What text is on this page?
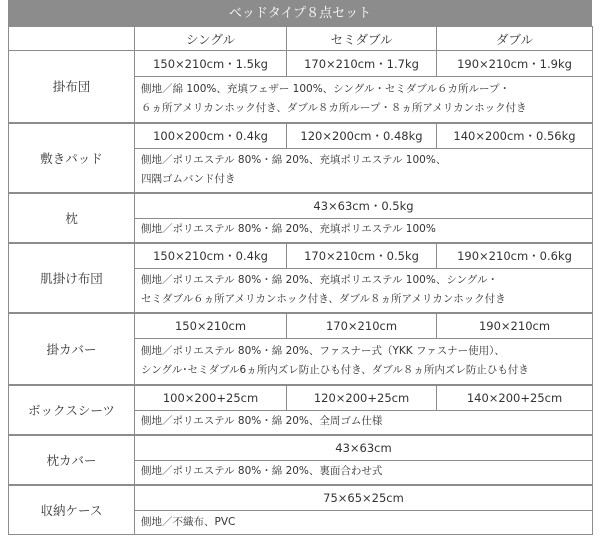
ベッドタイプ８点セット
	シングル	セミダブル	ダブル
掛布団	150×210cm・1.5kg	170×210cm・1.7kg	190×210cm・1.9kg

	側地／綿 100%、充填フェザー 100%、シングル・セミダブル６カ所ループ・
６ヵ所アメリカンホック付き、ダブル８カ所ループ・８ヵ所アメリカンホック付き		

敷きパッド	100×200cm・0.4kg	120×200cm・0.48kg	140×200cm・0.56kg

	側地／ポリエステル 80%・綿 20%、充填ポリエステル 100%、
四隅ゴムバンド付き		

枕	43×63cm・0.5kg		

	側地／ポリエステル 80%・綿 20%、充填ポリエステル 100%		

肌掛け布団	150×210cm・0.4kg	170×210cm・0.5kg	190×210cm・0.6kg

	側地／ポリエステル 80%・綿 20%、充填ポリエステル 100%、シングル・
セミダブル６ヵ所アメリカンホック付き、ダブル８ヵ所アメリカンホック付き		

掛カバー	150×210cm	170×210cm	190×210cm

	側地／ポリエステル 80%・綿 20%、ファスナー式（YKK ファスナー使用）、
シングル･セミダブル6ヵ所内ズレ防止ひも付き、ダブル８ヵ所内ズレ防止ひも付き		

ボックスシーツ	100×200+25cm	120×200+25cm	140×200+25cm

	側地／ポリエステル 80%・綿 20%、全周ゴム仕様		

枕カバー	43×63cm		

	側地／ポリエステル 80%・綿 20%、裏面合わせ式		

収納ケース	75×65×25cm		

	側地／不織布、PVC		
